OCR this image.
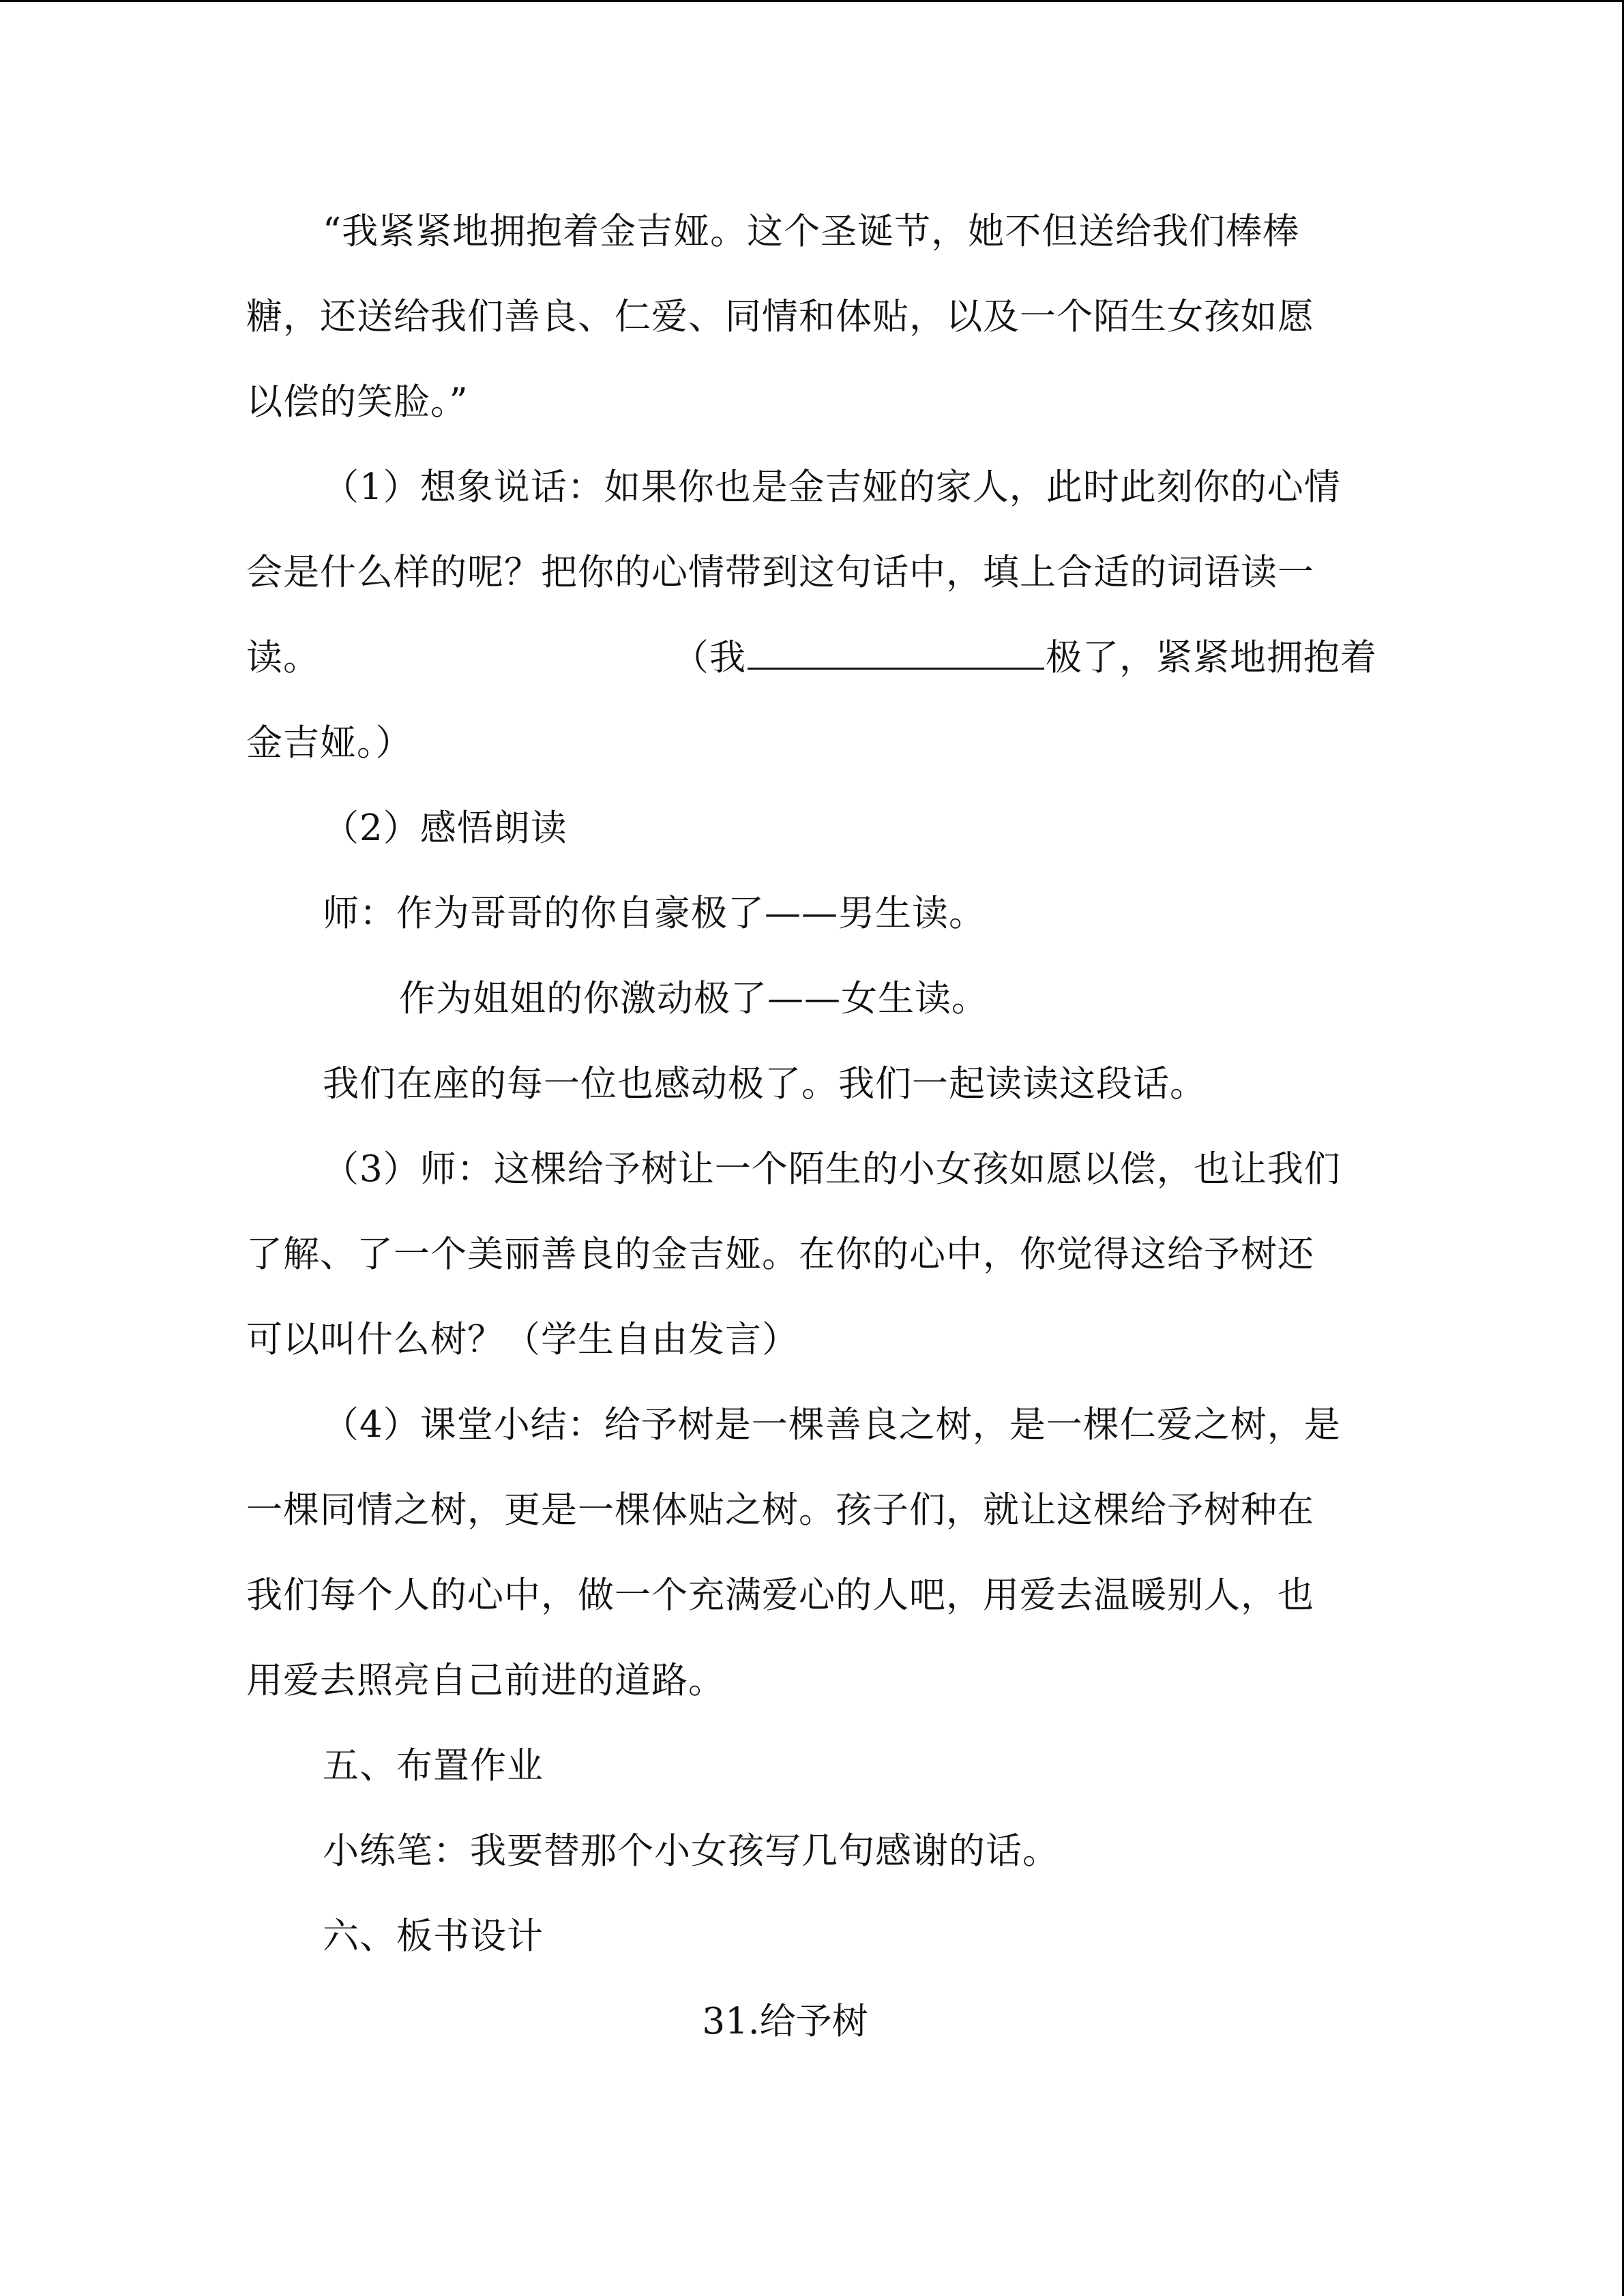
“我紧紧地拥抱着金吉娅。这个圣诞节，她不但送给我们棒棒
糖，还送给我们善良、仁爱、同情和体贴，以及一个陌生女孩如愿
以偿的笑脸。”
（1）想象说话：如果你也是金吉娅的家人，此时此刻你的心情
会是什么样的呢？把你的心情带到这句话中，填上合适的词语读一
读。	（我	极了，紧紧地拥抱着
金吉娅。）
（2）感悟朗读
师：作为哥哥的你自豪极了——男生读。
作为姐姐的你激动极了——女生读。
我们在座的每一位也感动极了。我们一起读读这段话。
（3）师：这棵给予树让一个陌生的小女孩如愿以偿，也让我们
了解、了一个美丽善良的金吉娅。在你的心中，你觉得这给予树还
可以叫什么树？（学生自由发言）
（4）课堂小结：给予树是一棵善良之树，是一棵仁爱之树，是
一棵同情之树，更是一棵体贴之树。孩子们，就让这棵给予树种在
我们每个人的心中，做一个充满爱心的人吧，用爱去温暖别人，也
用爱去照亮自己前进的道路。
五、布置作业
小练笔：我要替那个小女孩写几句感谢的话。
六、板书设计
31.给予树
